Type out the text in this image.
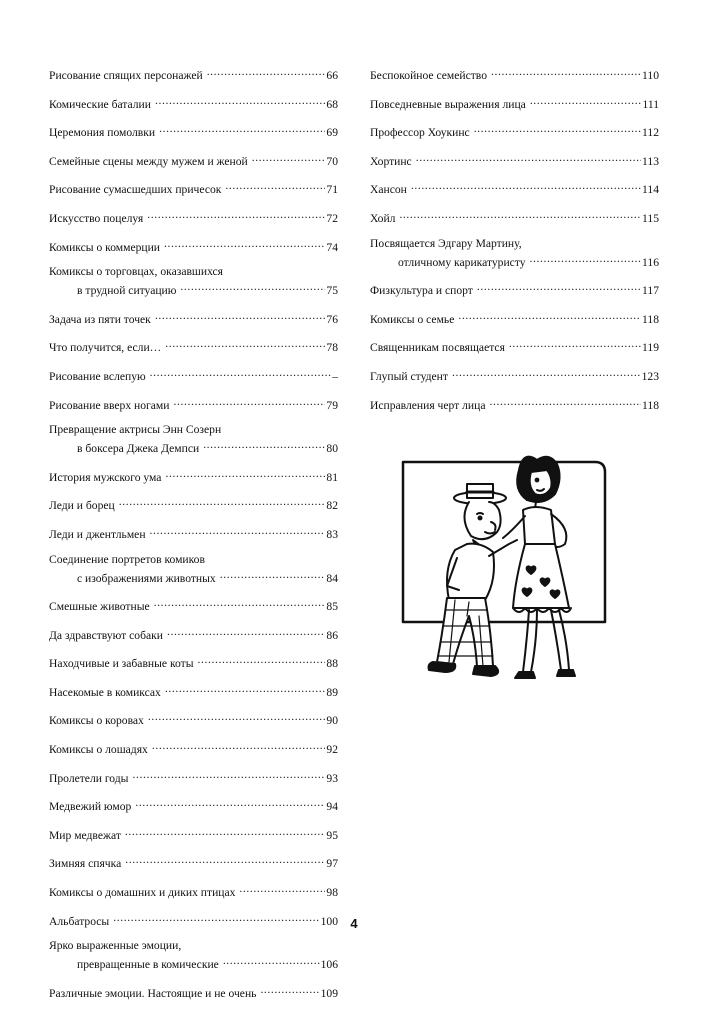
Рисование спящих персонажей .....	66
Комические баталии .....	68
Церемония помолвки .....	69
Семейные сцены между мужем и женой .....	70
Рисование сумасшедших причесок .....	71
Искусство поцелуя .....	72
Комиксы о коммерции .....	74
Комиксы о торговцах, оказавшихся
в трудной ситуацию .....	75
Задача из пяти точек .....	76
Что получится, если… .....	78
Рисование вслепую .....	–
Рисование вверх ногами .....	79
Превращение актрисы Энн Созерн
в боксера Джека Демпси .....	80
История мужского ума .....	81
Леди и борец .....	82
Леди и джентльмен .....	83
Соединение портретов комиков
с изображениями животных .....	84
Смешные животные .....	85
Да здравствуют собаки .....	86
Находчивые и забавные коты .....	88
Насекомые в комиксах .....	89
Комиксы о коровах .....	90
Комиксы о лошадях .....	92
Пролетели годы .....	93
Медвежий юмор .....	94
Мир медвежат .....	95
Зимняя спячка .....	97
Комиксы о домашних и диких птицах .....	98
Альбатросы .....	100
Ярко выраженные эмоции,
превращенные в комические .....	106
Различные эмоции. Настоящие и не очень .....	109
Беспокойное семейство .....	110
Повседневные выражения лица .....	111
Профессор Хоукинс .....	112
Хортинс .....	113
Хансон .....	114
Хойл .....	115
Посвящается Эдгару Мартину,
отличному карикатуристу .....	116
Физкультура и спорт .....	117
Комиксы о семье .....	118
Священникам посвящается .....	119
Глупый студент .....	123
Исправления черт лица .....	118
4
